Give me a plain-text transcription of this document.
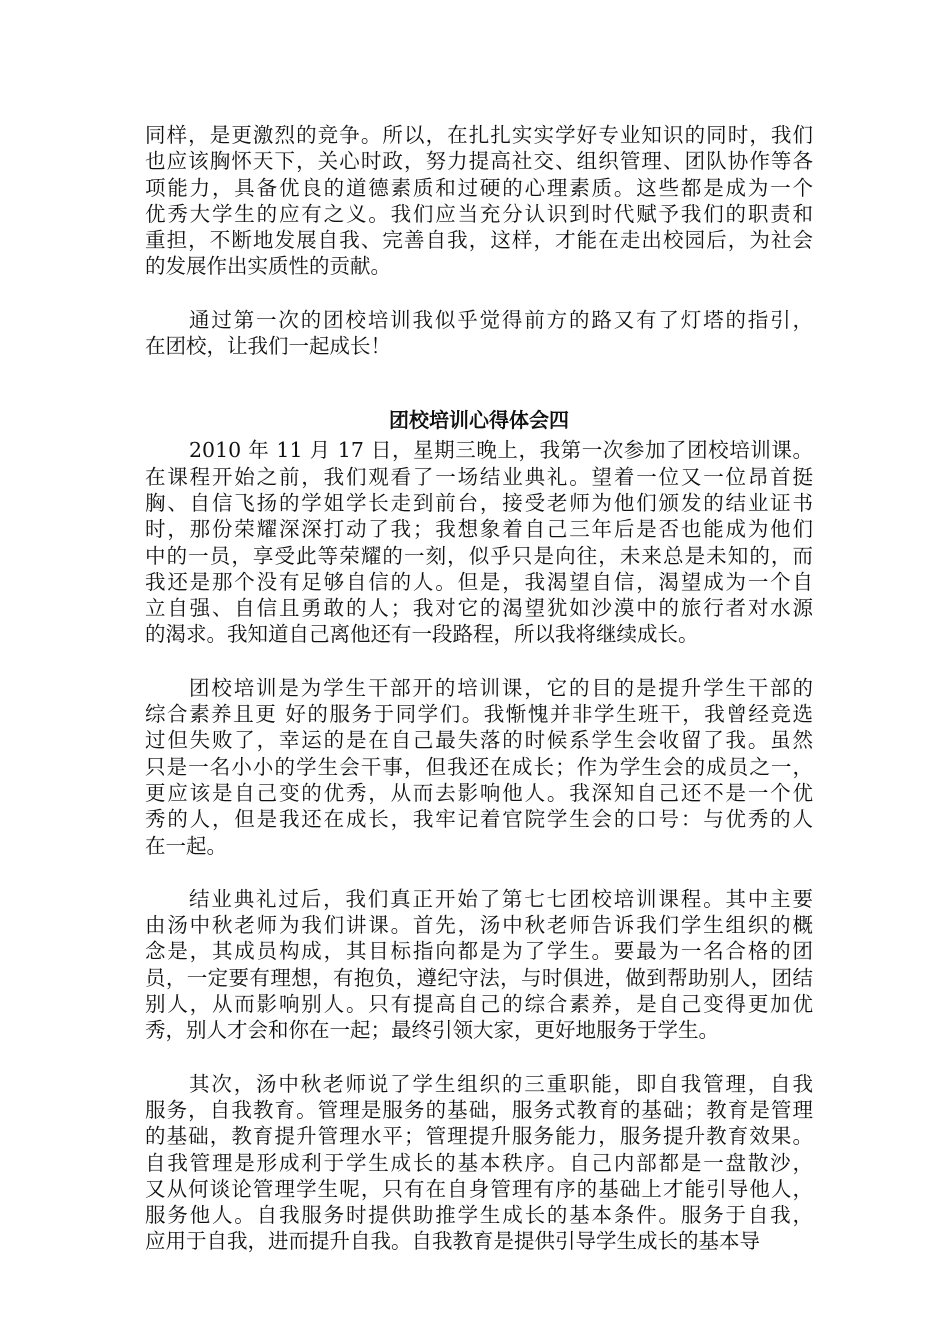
同样，是更激烈的竞争。所以，在扎扎实实学好专业知识的同时，我们
也应该胸怀天下，关心时政，努力提高社交、组织管理、团队协作等各
项能力，具备优良的道德素质和过硬的心理素质。这些都是成为一个
优秀大学生的应有之义。我们应当充分认识到时代赋予我们的职责和
重担，不断地发展自我、完善自我，这样，才能在走出校园后，为社会
的发展作出实质性的贡献。
通过第一次的团校培训我似乎觉得前方的路又有了灯塔的指引，
在团校，让我们一起成长！
团校培训心得体会四
2010 年 11 月 17 日，星期三晚上，我第一次参加了团校培训课。
在课程开始之前，我们观看了一场结业典礼。望着一位又一位昂首挺
胸、自信飞扬的学姐学长走到前台，接受老师为他们颁发的结业证书
时，那份荣耀深深打动了我；我想象着自己三年后是否也能成为他们
中的一员，享受此等荣耀的一刻，似乎只是向往，未来总是未知的，而
我还是那个没有足够自信的人。但是，我渴望自信，渴望成为一个自
立自强、自信且勇敢的人；我对它的渴望犹如沙漠中的旅行者对水源
的渴求。我知道自己离他还有一段路程，所以我将继续成长。
团校培训是为学生干部开的培训课，它的目的是提升学生干部的
综合素养且更 好的服务于同学们。我惭愧并非学生班干，我曾经竞选
过但失败了，幸运的是在自己最失落的时候系学生会收留了我。虽然
只是一名小小的学生会干事，但我还在成长；作为学生会的成员之一，
更应该是自己变的优秀，从而去影响他人。我深知自己还不是一个优
秀的人，但是我还在成长，我牢记着官院学生会的口号：与优秀的人
在一起。
结业典礼过后，我们真正开始了第七七团校培训课程。其中主要
由汤中秋老师为我们讲课。首先，汤中秋老师告诉我们学生组织的概
念是，其成员构成，其目标指向都是为了学生。要最为一名合格的团
员，一定要有理想，有抱负，遵纪守法，与时俱进，做到帮助别人，团结
别人，从而影响别人。只有提高自己的综合素养，是自己变得更加优
秀，别人才会和你在一起；最终引领大家，更好地服务于学生。
其次，汤中秋老师说了学生组织的三重职能，即自我管理，自我
服务，自我教育。管理是服务的基础，服务式教育的基础；教育是管理
的基础，教育提升管理水平；管理提升服务能力，服务提升教育效果。
自我管理是形成利于学生成长的基本秩序。自己内部都是一盘散沙，
又从何谈论管理学生呢，只有在自身管理有序的基础上才能引导他人，
服务他人。自我服务时提供助推学生成长的基本条件。服务于自我，
应用于自我，进而提升自我。自我教育是提供引导学生成长的基本导
